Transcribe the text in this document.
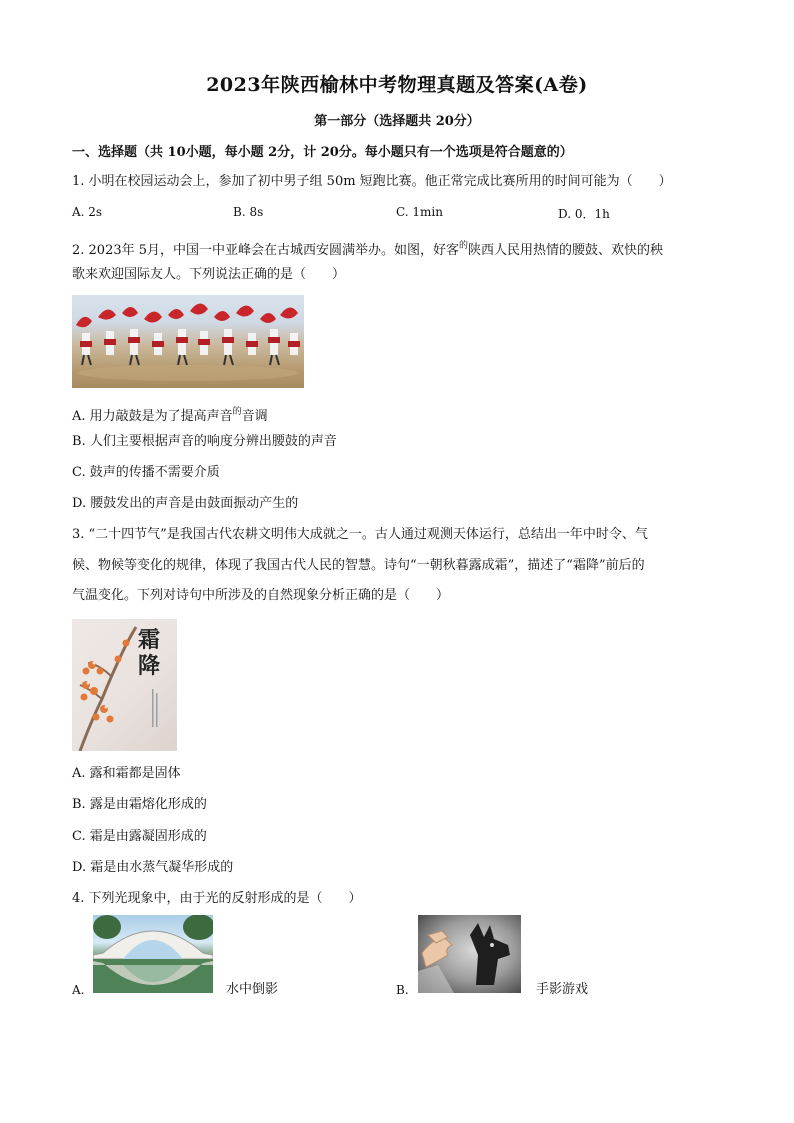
2023年陕西榆林中考物理真题及答案(A卷)
第一部分（选择题共 20分）
一、选择题（共 10小题，每小题 2分，计 20分。每小题只有一个选项是符合题意的）
1. 小明在校园运动会上，参加了初中男子组 50m 短跑比赛。他正常完成比赛所用的时间可能为（　　）
A. 2s	B. 8s	C. 1min	D. 0．1h
2. 2023年 5月，中国一中亚峰会在古城西安圆满举办。如图，好客$^的$陕西人民用热情的腰鼓、欢快的秧
歌来欢迎国际友人。下列说法正确的是（　　）
A. 用力敲鼓是为了提高声音$^的$音调
B. 人们主要根据声音的响度分辨出腰鼓的声音
C. 鼓声的传播不需要介质
D. 腰鼓发出的声音是由鼓面振动产生的
3. “二十四节气”是我国古代农耕文明伟大成就之一。古人通过观测天体运行，总结出一年中时令、气
候、物候等变化的规律，体现了我国古代人民的智慧。诗句“一朝秋暮露成霜”，描述了“霜降”前后的
气温变化。下列对诗句中所涉及的自然现象分析正确的是（　　）
霜降
A. 露和霜都是固体
B. 露是由霜熔化形成的
C. 霜是由露凝固形成的
D. 霜是由水蒸气凝华形成的
4. 下列光现象中，由于光的反射形成的是（　　）
A.	水中倒影	B.	手影游戏
